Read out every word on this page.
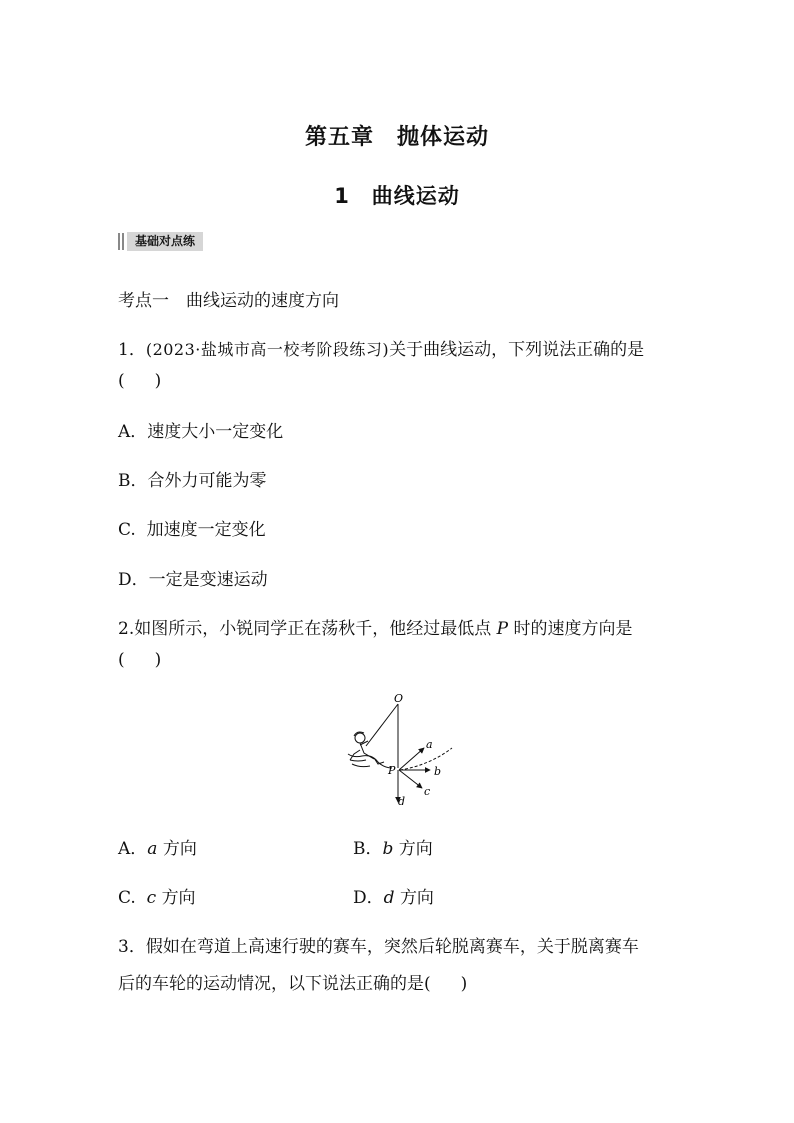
第五章　抛体运动
1　曲线运动
基础对点练
考点一　曲线运动的速度方向
1．(2023·盐城市高一校考阶段练习)关于曲线运动，下列说法正确的是
( )
A．速度大小一定变化
B．合外力可能为零
C. 加速度一定变化
D．一定是变速运动
2.如图所示，小锐同学正在荡秋千，他经过最低点 P 时的速度方向是
( )
O
P
a
b
c
d
A．a 方向	B．b 方向
C. c 方向	D．d 方向
3．假如在弯道上高速行驶的赛车，突然后轮脱离赛车，关于脱离赛车
后的车轮的运动情况，以下说法正确的是( )
